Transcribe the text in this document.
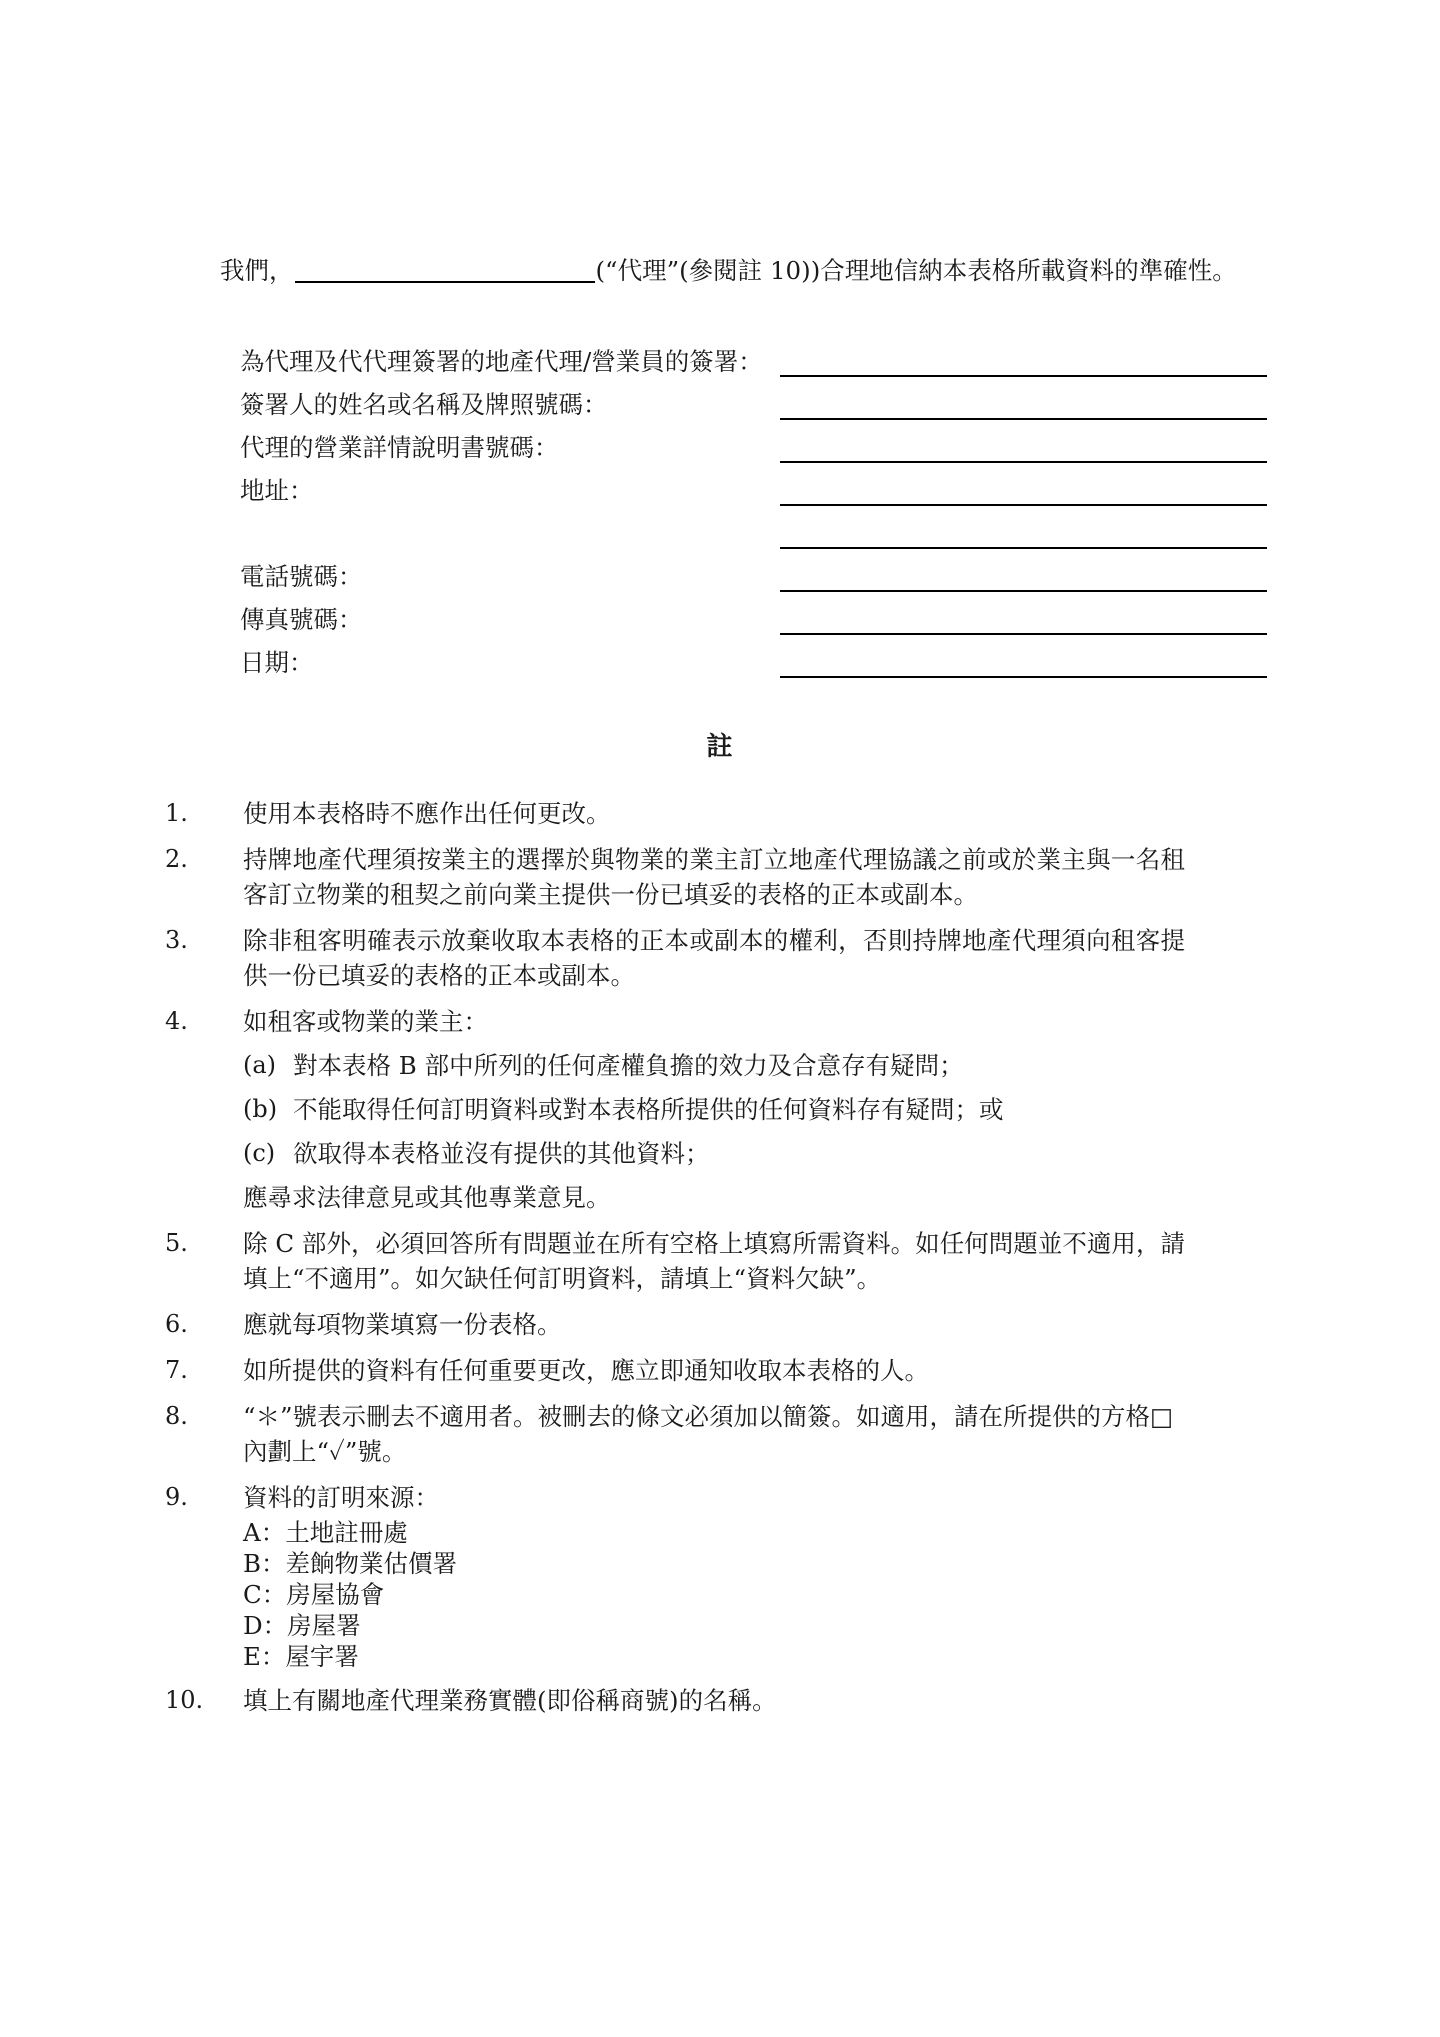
我們，	(“代理”(參閱註 10))合理地信納本表格所載資料的準確性。
為代理及代代理簽署的地產代理/營業員的簽署：
簽署人的姓名或名稱及牌照號碼：
代理的營業詳情說明書號碼：
地址：
電話號碼：
傳真號碼：
日期：
註
1.	使用本表格時不應作出任何更改。
2.	持牌地產代理須按業主的選擇於與物業的業主訂立地產代理協議之前或於業主與一名租客訂立物業的租契之前向業主提供一份已填妥的表格的正本或副本。
3.	除非租客明確表示放棄收取本表格的正本或副本的權利，否則持牌地產代理須向租客提供一份已填妥的表格的正本或副本。
4.	如租客或物業的業主：
(a) 對本表格 B 部中所列的任何產權負擔的效力及合意存有疑問；
(b) 不能取得任何訂明資料或對本表格所提供的任何資料存有疑問；或
(c) 欲取得本表格並沒有提供的其他資料；
應尋求法律意見或其他專業意見。
5.	除 C 部外，必須回答所有問題並在所有空格上填寫所需資料。如任何問題並不適用，請填上“不適用”。如欠缺任何訂明資料，請填上“資料欠缺”。
6.	應就每項物業填寫一份表格。
7.	如所提供的資料有任何重要更改，應立即通知收取本表格的人。
8.	“＊”號表示刪去不適用者。被刪去的條文必須加以簡簽。如適用，請在所提供的方格□內劃上“✓”號。
9.	資料的訂明來源：
A：土地註冊處
B：差餉物業估價署
C：房屋協會
D：房屋署
E：屋宇署
10.	填上有關地產代理業務實體(即俗稱商號)的名稱。
